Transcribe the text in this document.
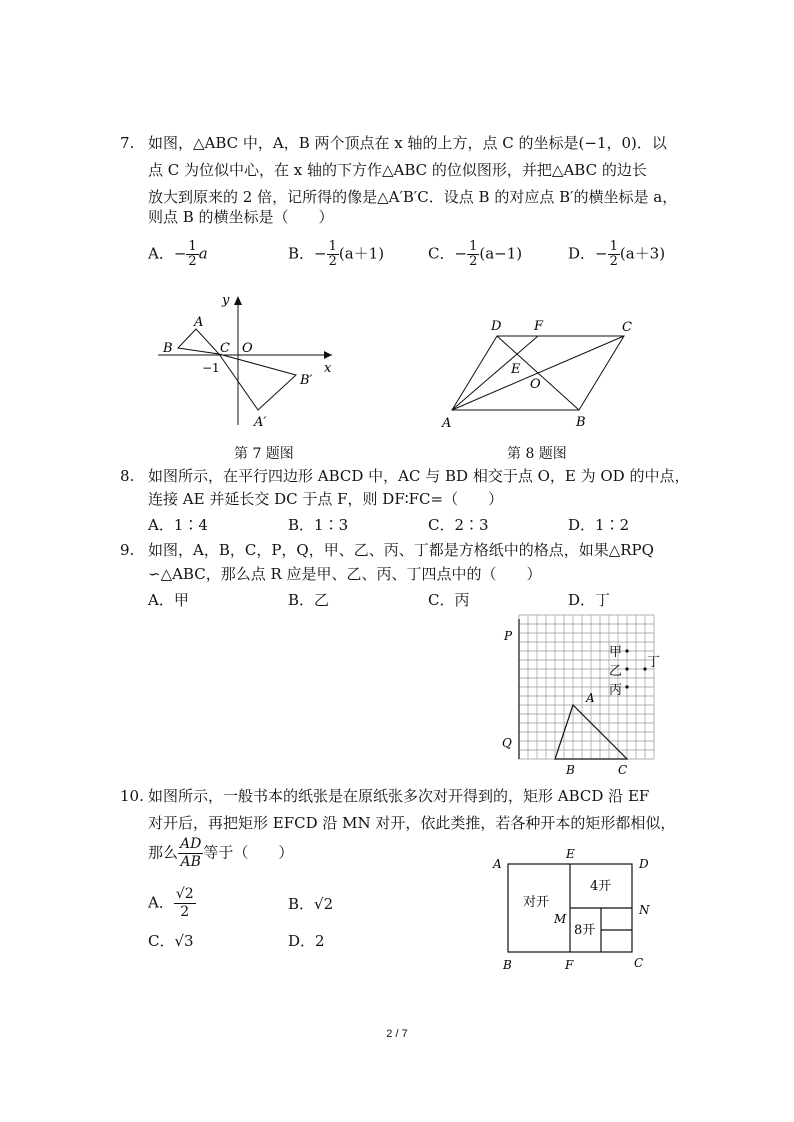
7. 如图，△ABC 中，A，B 两个顶点在 x 轴的上方，点 C 的坐标是(−1，0)．以
点 C 为位似中心，在 x 轴的下方作△ABC 的位似图形，并把△ABC 的边长
放大到原来的 2 倍，记所得的像是△A′B′C．设点 B 的对应点 B′的横坐标是 a，
则点 B 的横坐标是（　　）
A．− $\frac{1}{2}$ a	B．− $\frac{1}{2} (a+1)$	C．− $\frac{1}{2} (a-1)$	D．− $\frac{1}{2} (a+3)$
y
x
A
B	C O
−1
B′
A′
D	F	C
E
O
A	B
第 7 题图	第 8 题图
8. 如图所示，在平行四边形 ABCD 中，AC 与 BD 相交于点 O，E 为 OD 的中点，
连接 AE 并延长交 DC 于点 F，则 DF∶FC=（　　）
A．1∶4	B．1∶3	C．2∶3	D．1∶2
9. 如图，A，B，C，P，Q，甲、乙、丙、丁都是方格纸中的格点，如果△RPQ
∽△ABC，那么点 R 应是甲、乙、丙、丁四点中的（　　）
A．甲	B．乙	C．丙	D．丁
P
Q
A
B	C
甲
乙
丙
丁
10. 如图所示，一般书本的纸张是在原纸张多次对开得到的，矩形 ABCD 沿 EF
对开后，再把矩形 EFCD 沿 MN 对开，依此类推，若各种开本的矩形都相似，
那么 $\frac{AD}{AB}$ 等于（　　）
A． $\frac{√2}{2}$	B．√2
C．√3	D．2
A
E
D
B	F	C
M
N
对开
4开
8开
2 / 7
